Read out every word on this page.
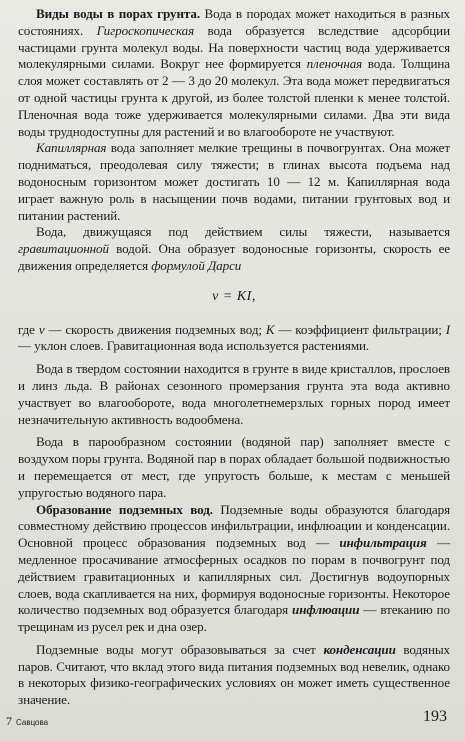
Виды воды в порах грунта. Вода в породах может находиться в разных состояниях. Гигроскопическая вода образуется вследствие адсорбции частицами грунта молекул воды. На поверхности частиц вода удерживается молекулярными силами. Вокруг нее формируется пленочная вода. Толщина слоя может составлять от 2 — 3 до 20 молекул. Эта вода может передвигаться от одной частицы грунта к другой, из более толстой пленки к менее толстой. Пленочная вода тоже удерживается молекулярными силами. Два эти вида воды труднодоступны для растений и во влагообороте не участвуют.

Капиллярная вода заполняет мелкие трещины в почвогрунтах. Она может подниматься, преодолевая силу тяжести; в глинах высота подъема над водоносным горизонтом может достигать 10 — 12 м. Капиллярная вода играет важную роль в насыщении почв водами, питании грунтовых вод и питании растений.

Вода, движущаяся под действием силы тяжести, называется гравитационной водой. Она образует водоносные горизонты, скорость ее движения определяется формулой Дарси

v = KI,

где v — скорость движения подземных вод; K — коэффициент фильтрации; I — уклон слоев. Гравитационная вода используется растениями.

Вода в твердом состоянии находится в грунте в виде кристаллов, прослоев и линз льда. В районах сезонного промерзания грунта эта вода активно участвует во влагообороте, вода многолетнемерзлых горных пород имеет незначительную активность водообмена.

Вода в парообразном состоянии (водяной пар) заполняет вместе с воздухом поры грунта. Водяной пар в порах обладает большой подвижностью и перемещается от мест, где упругость больше, к местам с меньшей упругостью водяного пара.

Образование подземных вод. Подземные воды образуются благодаря совместному действию процессов инфильтрации, инфлюации и конденсации. Основной процесс образования подземных вод — инфильтрация — медленное просачивание атмосферных осадков по порам в почвогрунт под действием гравитационных и капиллярных сил. Достигнув водоупорных слоев, вода скапливается на них, формируя водоносные горизонты. Некоторое количество подземных вод образуется благодаря инфлюации — втеканию по трещинам из русел рек и дна озер.

Подземные воды могут образовываться за счет конденсации водяных паров. Считают, что вклад этого вида питания подземных вод невелик, однако в некоторых физико-географических условиях он может иметь существенное значение.

7 Савцова	193
